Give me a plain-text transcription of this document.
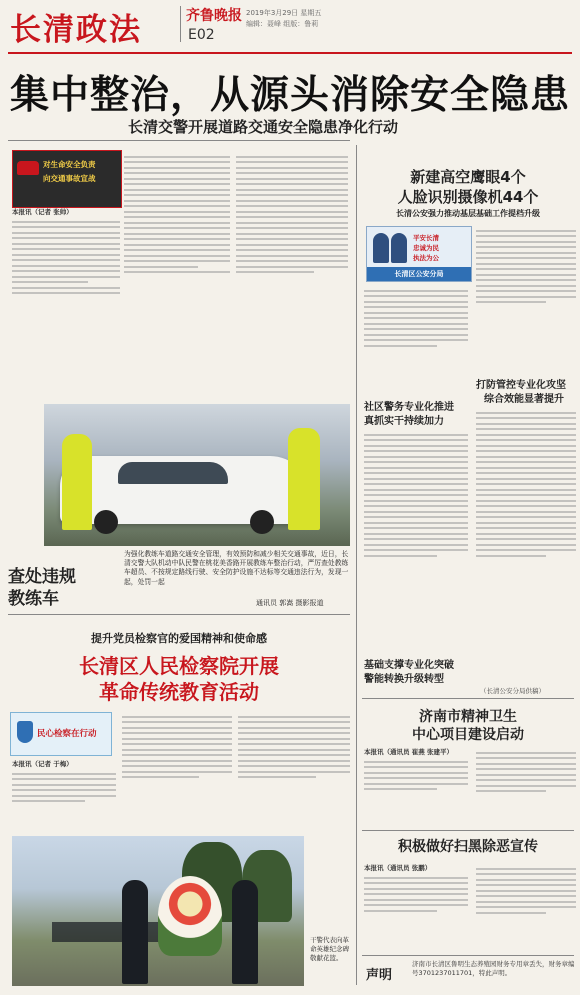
长清政法	齐鲁晚报
E02
2019年3月29日 星期五
编辑：聂峰 组版：鲁莉
集中整治，从源头消除安全隐患
长清交警开展道路交通安全隐患净化行动
对生命安全负责
向交通事故宣战
本报讯（记者 张帅）
新建高空鹰眼4个
人脸识别摄像机44个
长清公安强力推动基层基础工作提档升级
平安长清
忠诚为民
执法为公
长清区公安分局
社区警务专业化推进
真抓实干持续加力
打防管控专业化攻坚
综合效能显著提升
基础支撑专业化突破
警能转换升级转型
（长清公安分局供稿）
查处违规
教练车
为强化教练车道路交通安全管理，有效预防和减少相关交通事故，近日，长清交警大队机动中队民警在桃花美香路开展教练车整治行动，严厉查处教练车超员、不按规定路线行驶、安全防护设施不达标等交通违法行为，发现一起，处罚一起
通讯员 郭嵩 摄影报道
提升党员检察官的爱国精神和使命感
长清区人民检察院开展
革命传统教育活动
民心检察在行动
本报讯（记者 于梅）
干警代表向革命英雄纪念碑敬献花篮。
济南市精神卫生
中心项目建设启动
本报讯（通讯员 崔燕 张建平）
积极做好扫黑除恶宣传
本报讯（通讯员 张鹏）
声明
济南市长清区鲁明生态养殖园财务专用章丢失，财务章编号3701237011701，特此声明。
